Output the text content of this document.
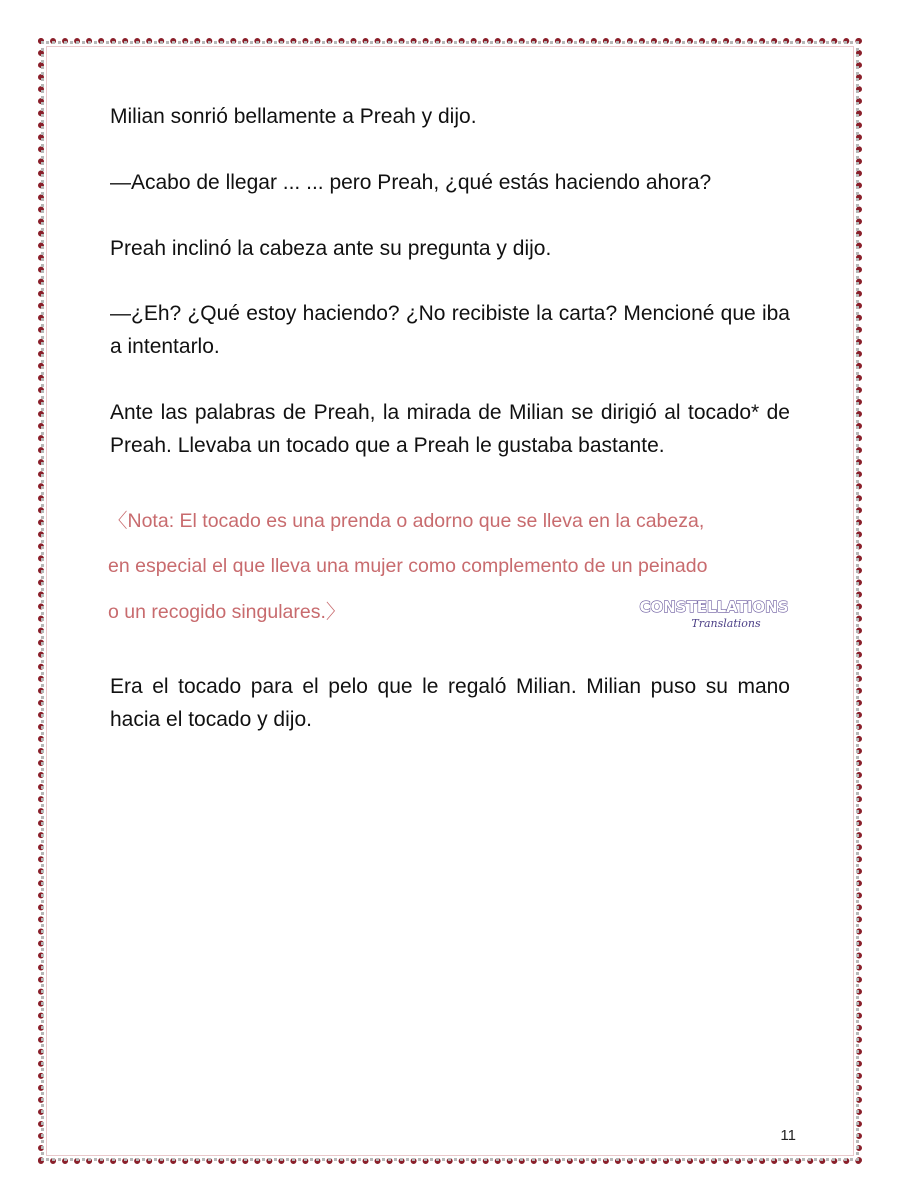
Milian sonrió bellamente a Preah y dijo.

—Acabo de llegar ... ... pero Preah, ¿qué estás haciendo ahora?

Preah inclinó la cabeza ante su pregunta y dijo.

—¿Eh? ¿Qué estoy haciendo? ¿No recibiste la carta? Mencioné que iba a intentarlo.

Ante las palabras de Preah, la mirada de Milian se dirigió al tocado* de Preah. Llevaba un tocado que a Preah le gustaba bastante.

〈Nota: El tocado es una prenda o adorno que se lleva en la cabeza,

en especial el que lleva una mujer como complemento de un peinado

o un recogido singulares.〉	CONSTELLATIONS
Translations

Era el tocado para el pelo que le regaló Milian. Milian puso su mano hacia el tocado y dijo.

11
